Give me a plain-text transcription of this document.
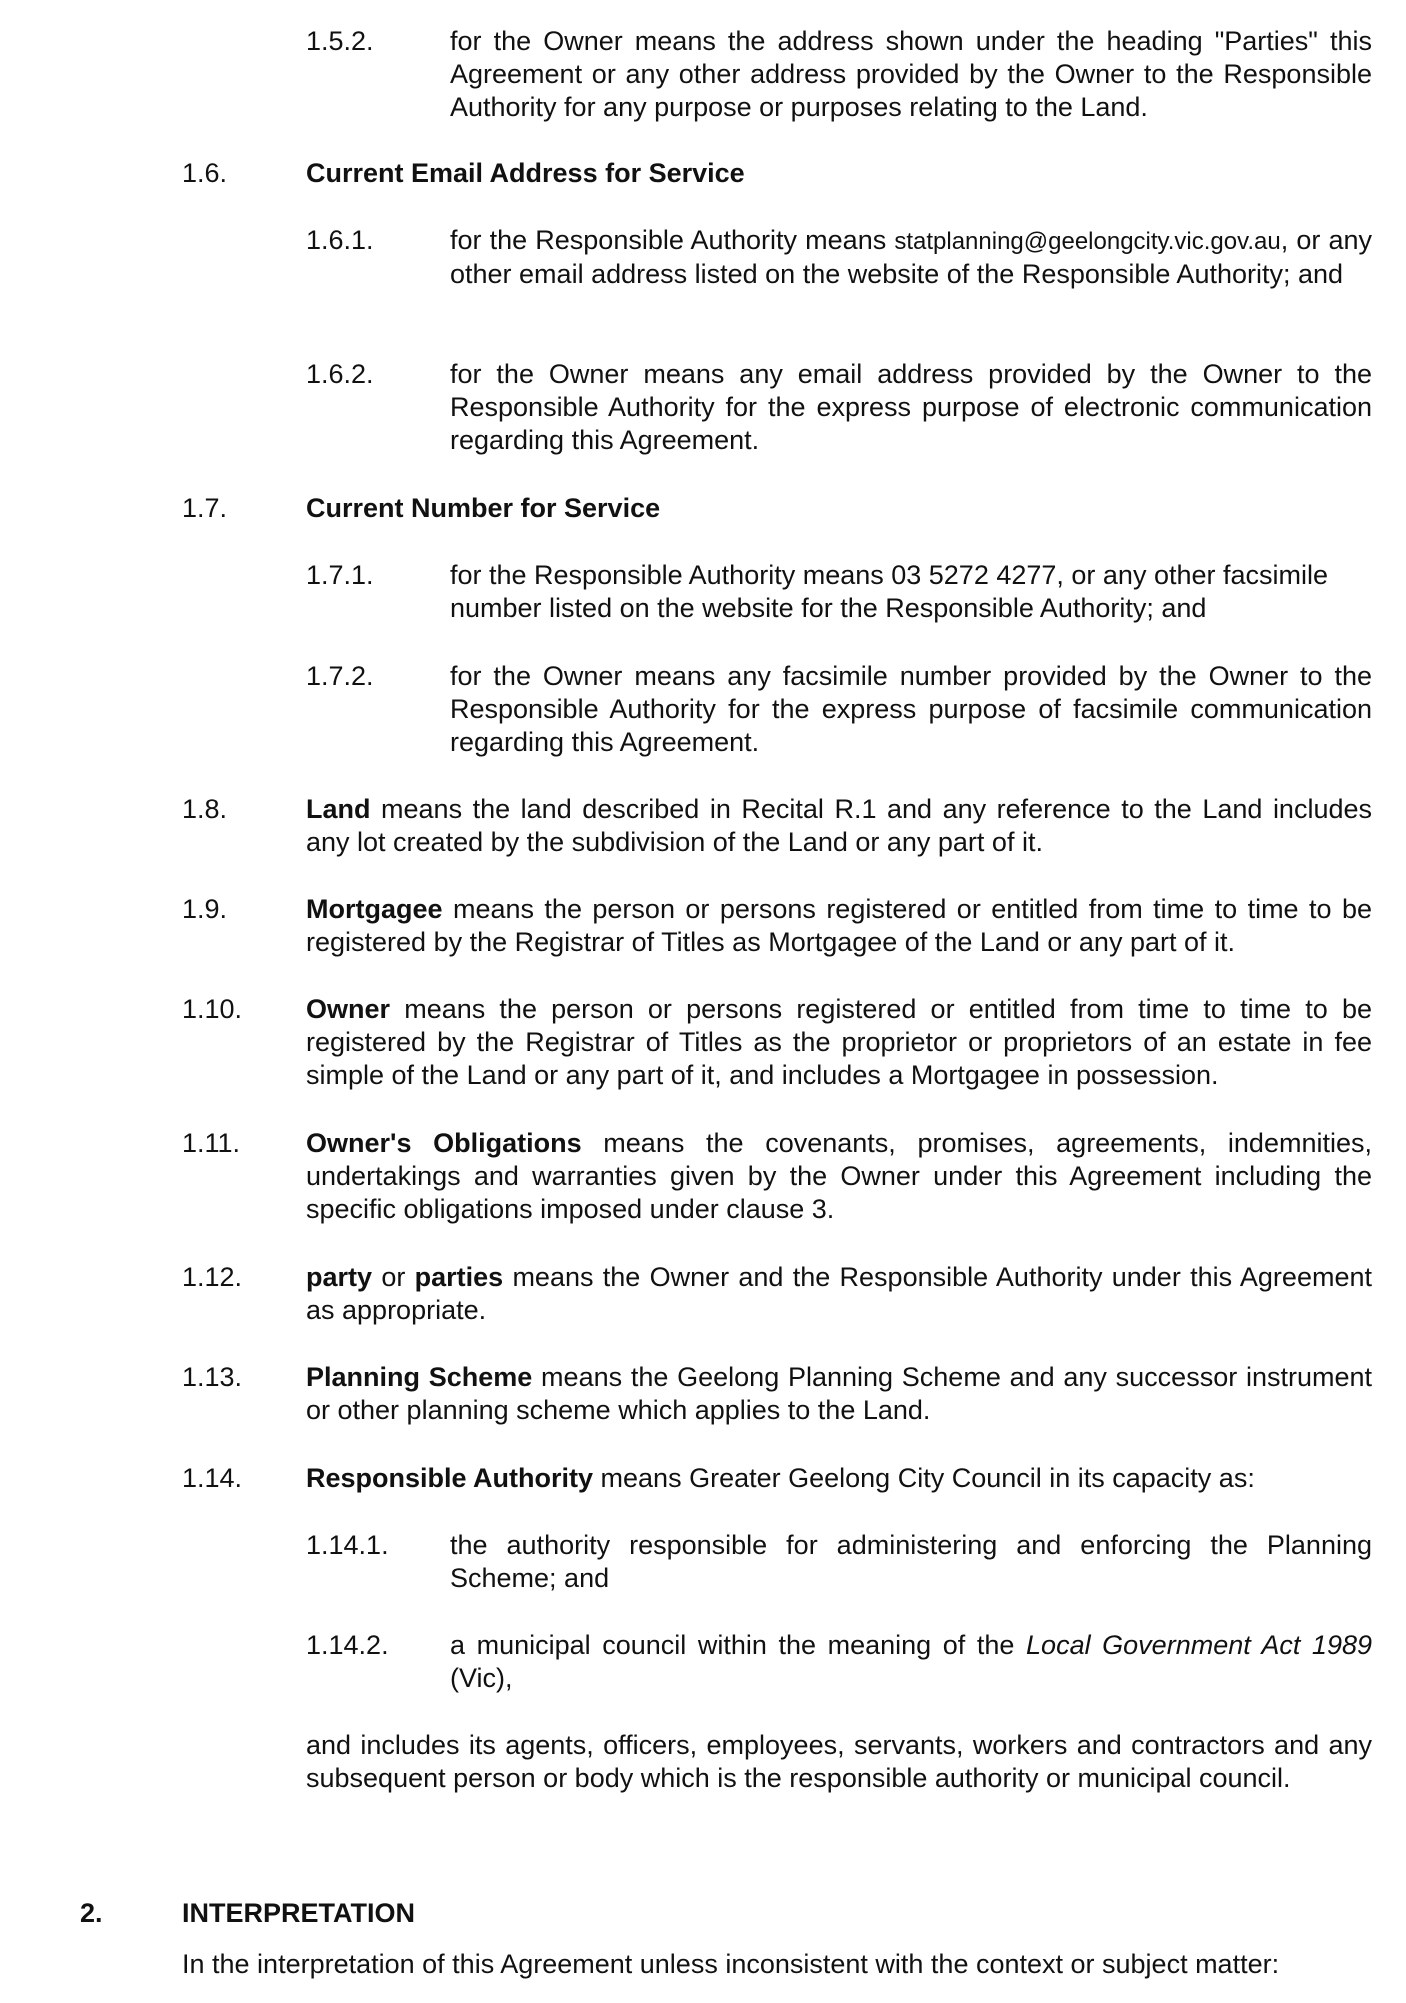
1.5.2.	for the Owner means the address shown under the heading "Parties" this Agreement or any other address provided by the Owner to the Responsible Authority for any purpose or purposes relating to the Land.
1.6.	Current Email Address for Service
1.6.1.	for the Responsible Authority means statplanning@geelongcity.vic.gov.au, or any other email address listed on the website of the Responsible Authority; and
1.6.2.	for the Owner means any email address provided by the Owner to the Responsible Authority for the express purpose of electronic communication regarding this Agreement.
1.7.	Current Number for Service
1.7.1.	for the Responsible Authority means 03 5272 4277, or any other facsimile number listed on the website for the Responsible Authority; and
1.7.2.	for the Owner means any facsimile number provided by the Owner to the Responsible Authority for the express purpose of facsimile communication regarding this Agreement.
1.8.	Land means the land described in Recital R.1 and any reference to the Land includes any lot created by the subdivision of the Land or any part of it.
1.9.	Mortgagee means the person or persons registered or entitled from time to time to be registered by the Registrar of Titles as Mortgagee of the Land or any part of it.
1.10. Owner means the person or persons registered or entitled from time to time to be registered by the Registrar of Titles as the proprietor or proprietors of an estate in fee simple of the Land or any part of it, and includes a Mortgagee in possession.
1.11. Owner's Obligations means the covenants, promises, agreements, indemnities, undertakings and warranties given by the Owner under this Agreement including the specific obligations imposed under clause 3.
1.12. party or parties means the Owner and the Responsible Authority under this Agreement as appropriate.
1.13. Planning Scheme means the Geelong Planning Scheme and any successor instrument or other planning scheme which applies to the Land.
1.14. Responsible Authority means Greater Geelong City Council in its capacity as:
1.14.1. the authority responsible for administering and enforcing the Planning Scheme; and
1.14.2. a municipal council within the meaning of the Local Government Act 1989 (Vic),
and includes its agents, officers, employees, servants, workers and contractors and any subsequent person or body which is the responsible authority or municipal council.
2.	INTERPRETATION
In the interpretation of this Agreement unless inconsistent with the context or subject matter:
